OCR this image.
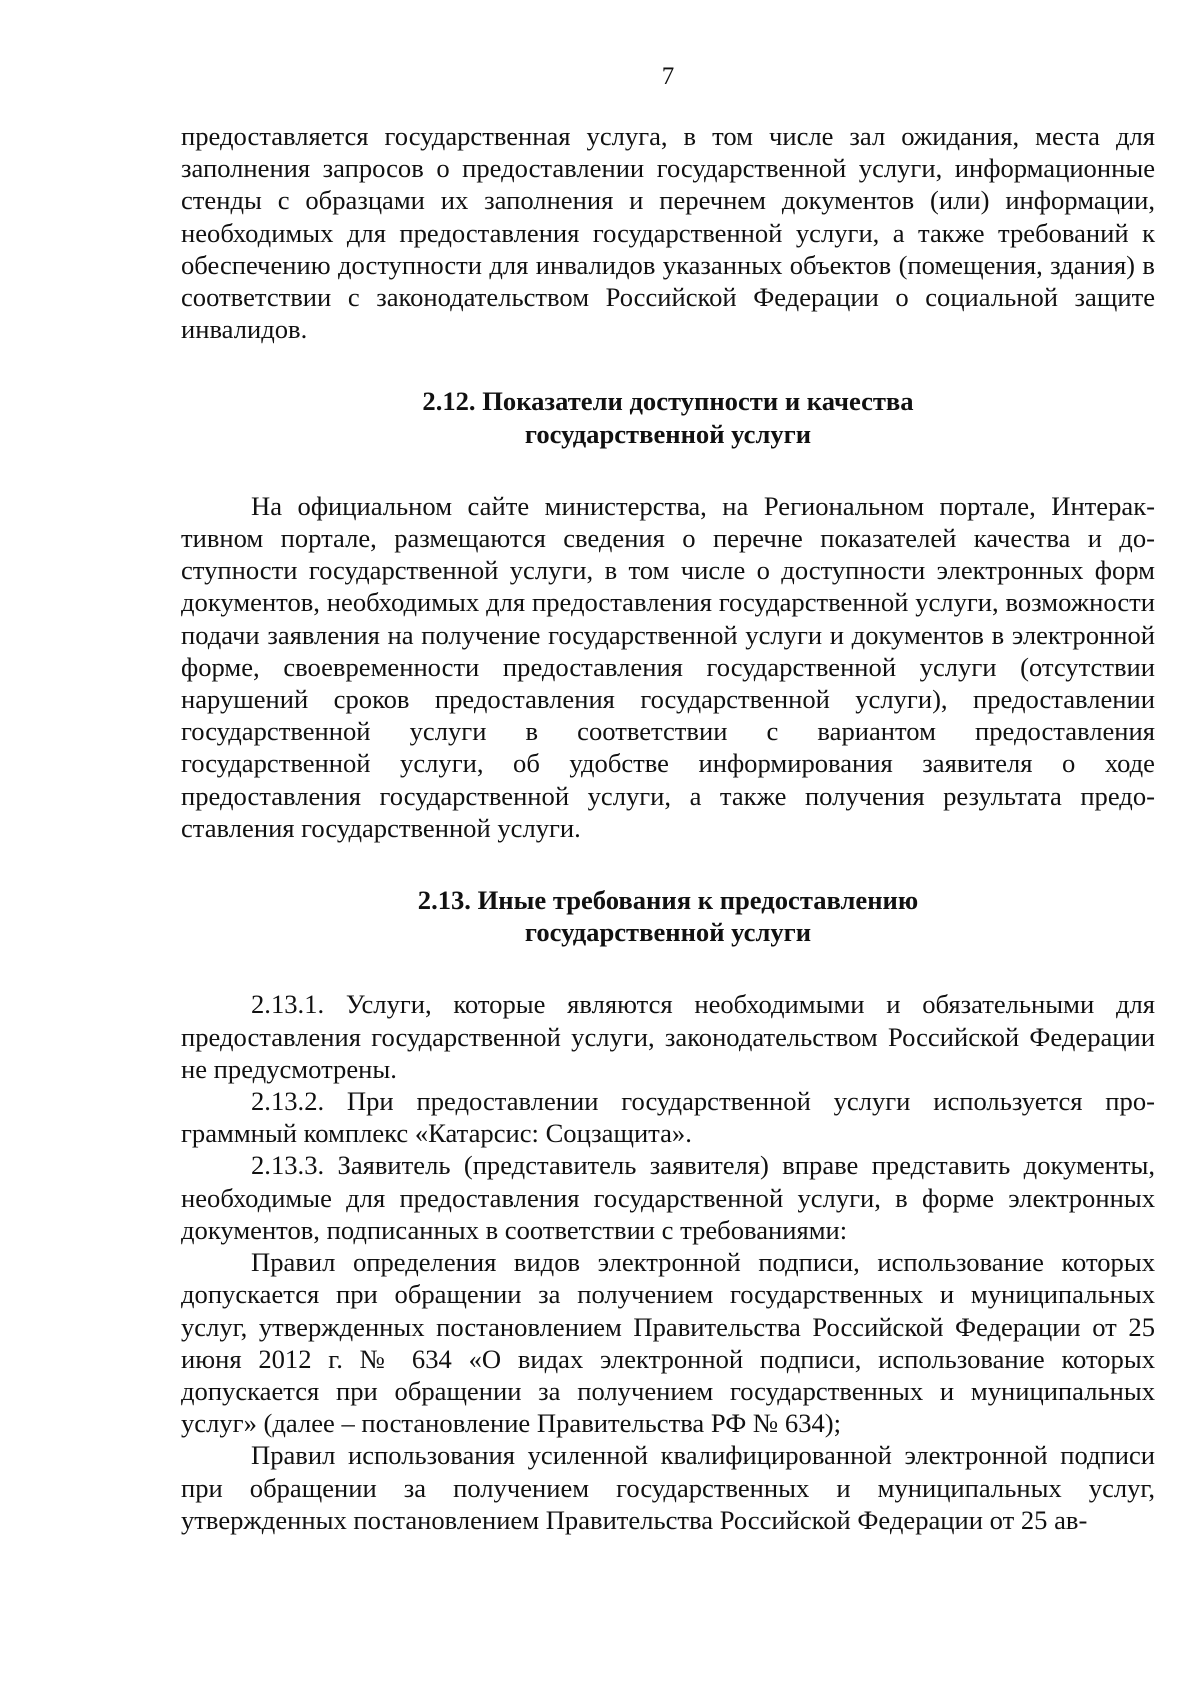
7

предоставляется государственная услуга, в том числе зал ожидания, места для заполнения запросов о предоставлении государственной услуги, информационные стенды с образцами их заполнения и перечнем документов (или) информации, необходимых для предоставления государственной услуги, а также требований к обеспечению доступности для инвалидов указанных объектов (помещения, здания) в соответствии с законодательством Российской Федерации о социальной защите инвалидов.

2.12. Показатели доступности и качества

государственной услуги

На официальном сайте министерства, на Региональном портале, Интерактивном портале, размещаются сведения о перечне показателей качества и доступности государственной услуги, в том числе о доступности электронных форм документов, необходимых для предоставления государственной услуги, возможности подачи заявления на получение государственной услуги и документов в электронной форме, своевременности предоставления государственной услуги (отсутствии нарушений сроков предоставления государственной услуги), предоставлении государственной услуги в соответствии с вариантом предоставления государственной услуги, об удобстве информирования заявителя о ходе предоставления государственной услуги, а также получения результата предоставления государственной услуги.

2.13. Иные требования к предоставлению

государственной услуги

2.13.1. Услуги, которые являются необходимыми и обязательными для предоставления государственной услуги, законодательством Российской Федерации не предусмотрены.

2.13.2. При предоставлении государственной услуги используется программный комплекс «Катарсис: Соцзащита».

2.13.3. Заявитель (представитель заявителя) вправе представить документы, необходимые для предоставления государственной услуги, в форме электронных документов, подписанных в соответствии с требованиями:

Правил определения видов электронной подписи, использование которых допускается при обращении за получением государственных и муниципальных услуг, утвержденных постановлением Правительства Российской Федерации от 25 июня 2012 г. № 634 «О видах электронной подписи, использование которых допускается при обращении за получением государственных и муниципальных услуг» (далее – постановление Правительства РФ № 634);

Правил использования усиленной квалифицированной электронной подписи при обращении за получением государственных и муниципальных услуг, утвержденных постановлением Правительства Российской Федерации от 25 ав-
